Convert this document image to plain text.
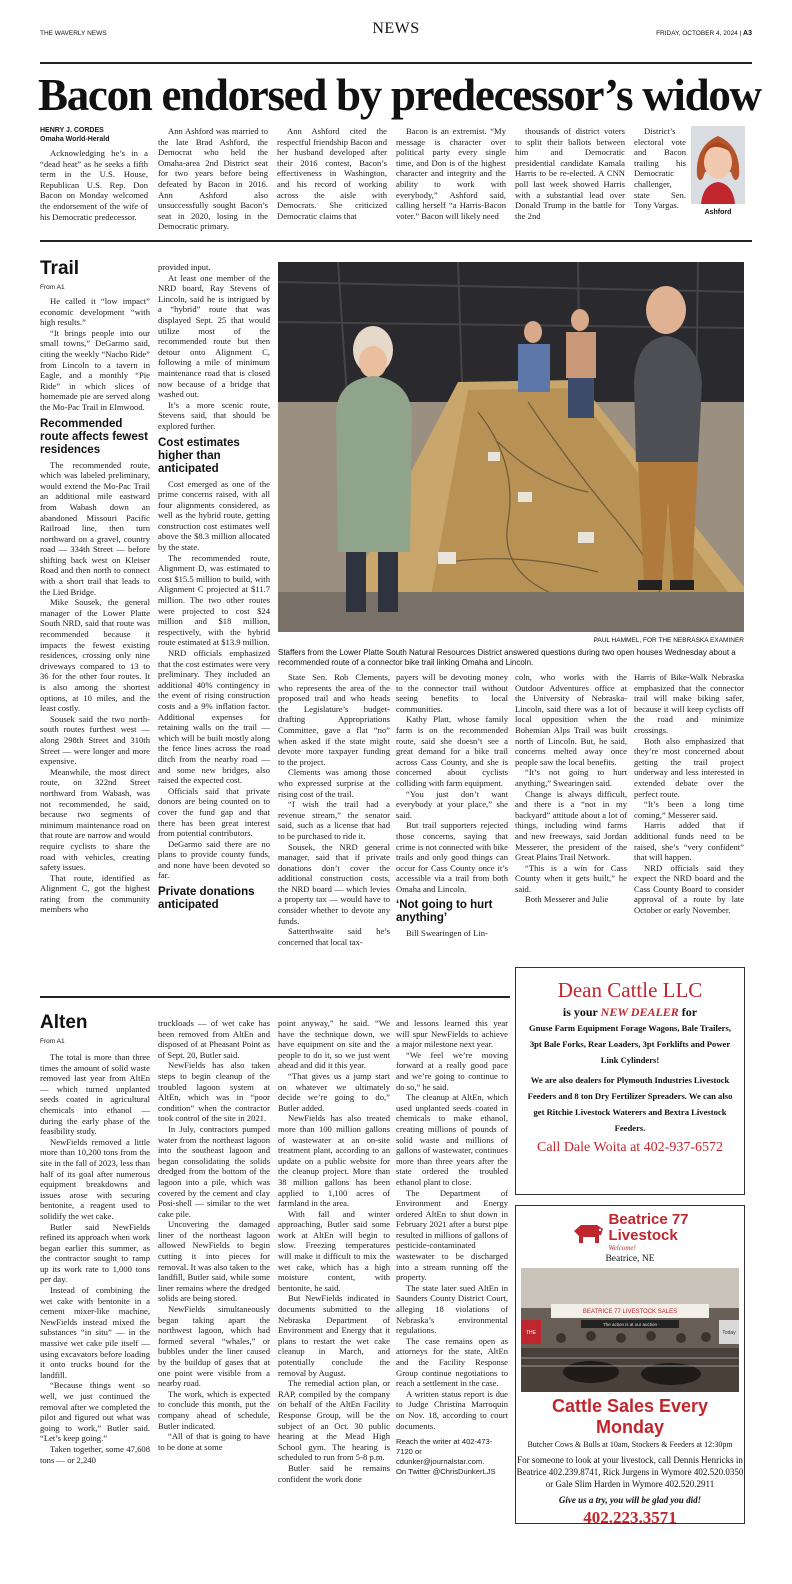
THE WAVERLY NEWS	NEWS	FRIDAY, OCTOBER 4, 2024 | A3
Bacon endorsed by predecessor’s widow
HENRY J. CORDES
Omaha World-Herald

Acknowledging he’s in a “dead heat” as he seeks a fifth term in the U.S. House, Republican U.S. Rep. Don Bacon on Monday welcomed the endorsement of the wife of his Democratic predecessor.

Ann Ashford was married to the late Brad Ashford, the Democrat who held the Omaha-area 2nd District seat for two years before being defeated by Bacon in 2016. Ann Ashford also unsuccessfully sought Bacon’s seat in 2020, losing in the Democratic primary.

Ann Ashford cited the respectful friendship Bacon and her husband developed after their 2016 contest, Bacon’s effectiveness in Washington, and his record of working across the aisle with Democrats. She criticized Democratic claims that

Bacon is an extremist. “My message is character over political party every single time, and Don is of the highest character and integrity and the ability to work with everybody,” Ashford said, calling herself “a Harris-Bacon voter.” Bacon will likely need

thousands of district voters to split their ballots between him and Democratic presidential candidate Kamala Harris to be re-elected. A CNN poll last week showed Harris with a substantial lead over Donald Trump in the battle for the 2nd

District’s electoral vote and Bacon trailing his Democratic challenger, state Sen. Tony Vargas.

Ashford
Trail
From A1

He called it “low impact” economic development “with high results.”

“It brings people into our small towns,” DeGarmo said, citing the weekly “Nacho Ride” from Lincoln to a tavern in Eagle, and a monthly “Pie Ride” in which slices of homemade pie are served along the Mo-Pac Trail in Elmwood.

Recommended route affects fewest residences

The recommended route, which was labeled preliminary, would extend the Mo-Pac Trail an additional mile eastward from Wabash down an abandoned Missouri Pacific Railroad line, then turn northward on a gravel, country road — 334th Street — before shifting back west on Kleiser Road and then north to connect with a short trail that leads to the Lied Bridge.

Mike Sousek, the general manager of the Lower Platte South NRD, said that route was recommended because it impacts the fewest existing residences, crossing only nine driveways compared to 13 to 36 for the other four routes. It is also among the shortest options, at 10 miles, and the least costly.

Sousek said the two north-south routes furthest west — along 298th Street and 310th Street — were longer and more expensive.

Meanwhile, the most direct route, on 322nd Street northward from Wabash, was not recommended, he said, because two segments of minimum maintenance road on that route are narrow and would require cyclists to share the road with vehicles, creating safety issues.

That route, identified as Alignment C, got the highest rating from the community members who

provided input.

At least one member of the NRD board, Ray Stevens of Lincoln, said he is intrigued by a “hybrid” route that was displayed Sept. 25 that would utilize most of the recommended route but then detour onto Alignment C, following a mile of minimum maintenance road that is closed now because of a bridge that washed out.

It’s a more scenic route, Stevens said, that should be explored further.

Cost estimates higher than anticipated

Cost emerged as one of the prime concerns raised, with all four alignments considered, as well as the hybrid route, getting construction cost estimates well above the $8.3 million allocated by the state.

The recommended route, Alignment D, was estimated to cost $15.5 million to build, with Alignment C projected at $11.7 million. The two other routes were projected to cost $24 million and $18 million, respectively, with the hybrid route estimated at $13.9 million.

NRD officials emphasized that the cost estimates were very preliminary. They included an additional 40% contingency in the event of rising construction costs and a 9% inflation factor. Additional expenses for retaining walls on the trail — which will be built mostly along the fence lines across the road ditch from the nearby road — and some new bridges, also raised the expected cost.

Officials said that private donors are being counted on to cover the fund gap and that there has been great interest from potential contributors.

DeGarmo said there are no plans to provide county funds, and none have been devoted so far.

Private donations anticipated
PAUL HAMMEL, FOR THE NEBRASKA EXAMINER
Staffers from the Lower Platte South Natural Resources District answered questions during two open houses Wednesday about a recommended route of a connector bike trail linking Omaha and Lincoln.

State Sen. Rob Clements, who represents the area of the proposed trail and who heads the Legislature’s budget-drafting Appropriations Committee, gave a flat “no” when asked if the state might devote more taxpayer funding to the project.

Clements was among those who expressed surprise at the rising cost of the trail.

“I wish the trail had a revenue stream,” the senator said, such as a license that had to be purchased to ride it.

Sousek, the NRD general manager, said that if private donations don’t cover the additional construction costs, the NRD board — which levies a property tax — would have to consider whether to devote any funds.

Satterthwaite said he’s concerned that local tax-

payers will be devoting money to the connector trail without seeing benefits to local communities.

Kathy Platt, whose family farm is on the recommended route, said she doesn’t see a great demand for a bike trail across Cass County, and she is concerned about cyclists colliding with farm equipment.

“You just don’t want everybody at your place,” she said.

But trail supporters rejected those concerns, saying that crime is not connected with bike trails and only good things can occur for Cass County once it’s accessible via a trail from both Omaha and Lincoln.

‘Not going to hurt anything’

Bill Swearingen of Lin-

coln, who works with the Outdoor Adventures office at the University of Nebraska-Lincoln, said there was a lot of local opposition when the Bohemian Alps Trail was built north of Lincoln. But, he said, concerns melted away once people saw the local benefits.

“It’s not going to hurt anything,” Swearingen said.

Change is always difficult, and there is a “not in my backyard” attitude about a lot of things, including wind farms and new freeways, said Jordan Messerer, the president of the Great Plains Trail Network.

“This is a win for Cass County when it gets built,” he said.

Both Messerer and Julie

Harris of Bike-Walk Nebraska emphasized that the connector trail will make biking safer, because it will keep cyclists off the road and minimize crossings.

Both also emphasized that they’re most concerned about getting the trail project underway and less interested in extended debate over the perfect route.

“It’s been a long time coming,” Messerer said.

Harris added that if additional funds need to be raised, she’s “very confident” that will happen.

NRD officials said they expect the NRD board and the Cass County Board to consider approval of a route by late October or early November.

Alten
From A1

The total is more than three times the amount of solid waste removed last year from AltEn — which turned unplanted seeds coated in agricultural chemicals into ethanol — during the early phase of the feasibility study.

NewFields removed a little more than 10,200 tons from the site in the fall of 2023, less than half of its goal after numerous equipment breakdowns and issues arose with securing bentonite, a reagent used to solidify the wet cake.

Butler said NewFields refined its approach when work began earlier this summer, as the contractor sought to ramp up its work rate to 1,000 tons per day.

Instead of combining the wet cake with bentonite in a cement mixer-like machine, NewFields instead mixed the substances “in situ” — in the massive wet cake pile itself — using excavators before loading it onto trucks bound for the landfill.

“Because things went so well, we just continued the removal after we completed the pilot and figured out what was going to work,” Butler said. “Let’s keep going.”

Taken together, some 47,608 tons — or 2,240

truckloads — of wet cake has been removed from AltEn and disposed of at Pheasant Point as of Sept. 20, Butler said.

NewFields has also taken steps to begin cleanup of the troubled lagoon system at AltEn, which was in “poor condition” when the contractor took control of the site in 2021.

In July, contractors pumped water from the northeast lagoon into the southeast lagoon and began consolidating the solids dredged from the bottom of the lagoon into a pile, which was covered by the cement and clay Posi-shell — similar to the wet cake pile.

Uncovering the damaged liner of the northeast lagoon allowed NewFields to begin cutting it into pieces for removal. It was also taken to the landfill, Butler said, while some liner remains where the dredged solids are being stored.

NewFields simultaneously began taking apart the northwest lagoon, which had formed several “whales,” or bubbles under the liner caused by the buildup of gases that at one point were visible from a nearby road.

The work, which is expected to conclude this month, put the company ahead of schedule, Butler indicated.

“All of that is going to have to be done at some

point anyway,” he said. “We have the technique down, we have equipment on site and the people to do it, so we just went ahead and did it this year.

“That gives us a jump start on whatever we ultimately decide we’re going to do,” Butler added.

NewFields has also treated more than 100 million gallons of wastewater at an on-site treatment plant, according to an update on a public website for the cleanup project. More than 38 million gallons has been applied to 1,100 acres of farmland in the area.

With fall and winter approaching, Butler said some work at AltEn will begin to slow. Freezing temperatures will make it difficult to mix the wet cake, which has a high moisture content, with bentonite, he said.

But NewFields indicated in documents submitted to the Nebraska Department of Environment and Energy that it plans to restart the wet cake cleanup in March, and potentially conclude the removal by August.

The remedial action plan, or RAP, compiled by the company on behalf of the AltEn Facility Response Group, will be the subject of an Oct. 30 public hearing at the Mead High School gym. The hearing is scheduled to run from 5-8 p.m.

Butler said he remains confident the work done

and lessons learned this year will spur NewFields to achieve a major milestone next year.

“We feel we’re moving forward at a really good pace and we’re going to continue to do so,” he said.

The cleanup at AltEn, which used unplanted seeds coated in chemicals to make ethanol, creating millions of pounds of solid waste and millions of gallons of wastewater, continues more than three years after the state ordered the troubled ethanol plant to close.

The Department of Environment and Energy ordered AltEn to shut down in February 2021 after a burst pipe resulted in millions of gallons of pesticide-contaminated wastewater to be discharged into a stream running off the property.

The state later sued AltEn in Saunders County District Court, alleging 18 violations of Nebraska’s environmental regulations.

The case remains open as attorneys for the state, AltEn and the Facility Response Group continue negotiations to reach a settlement in the case.

A written status report is due to Judge Christina Marroquin on Nov. 18, according to court documents.

Reach the writer at 402-473-7120 or cdunker@journalstar.com.
On Twitter @ChrisDunkerLJS
Dean Cattle LLC
is your NEW DEALER for
Gnuse Farm Equipment Forage Wagons, Bale Trailers, 3pt Bale Forks, Rear Loaders, 3pt Forklifts and Power Link Cylinders!
We are also dealers for Plymouth Industries Livestock Feeders and 8 ton Dry Fertilizer Spreaders. We can also get Ritchie Livestock Waterers and Bextra Livestock Feeders.
Call Dale Woita at 402-937-6572
Beatrice 77
Livestock
Welcome!
Beatrice, NE
BEATRICE 77 LIVESTOCK SALES
The action is at our auction
THE	Today
Cattle Sales Every Monday
Butcher Cows & Bulls at 10am, Stockers & Feeders at 12:30pm
For someone to look at your livestock, call Dennis Henricks in Beatrice 402.239.8741, Rick Jurgens in Wymore 402.520.0350 or Gale Slim Harden in Wymore 402.520.2911
Give us a try, you will be glad you did!
402.223.3571
